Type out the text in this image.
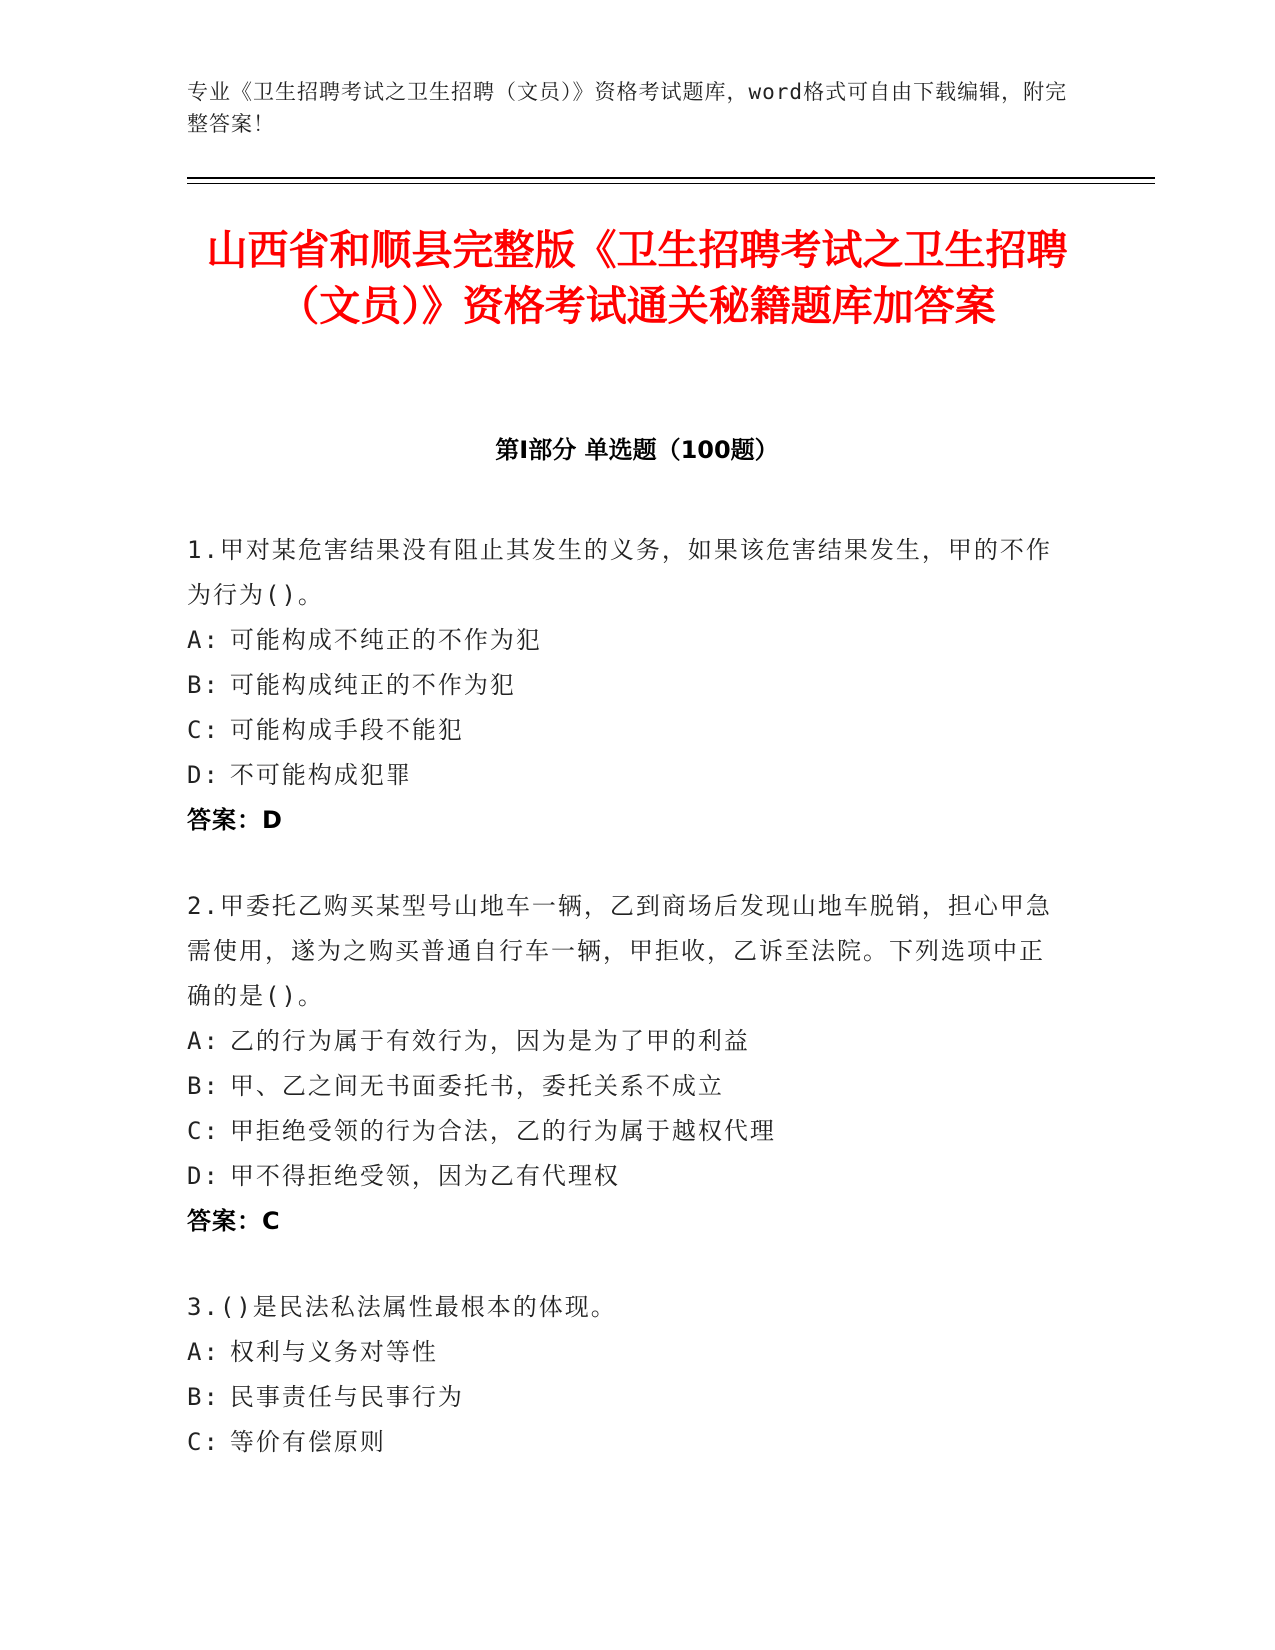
专业《卫生招聘考试之卫生招聘（文员）》资格考试题库，word格式可自由下载编辑，附完整答案！
山西省和顺县完整版《卫生招聘考试之卫生招聘（文员）》资格考试通关秘籍题库加答案
第Ⅰ部分 单选题（100题）
1.甲对某危害结果没有阻止其发生的义务，如果该危害结果发生，甲的不作为行为()。
A: 可能构成不纯正的不作为犯
B: 可能构成纯正的不作为犯
C: 可能构成手段不能犯
D: 不可能构成犯罪
答案：D
2.甲委托乙购买某型号山地车一辆，乙到商场后发现山地车脱销，担心甲急需使用，遂为之购买普通自行车一辆，甲拒收，乙诉至法院。下列选项中正确的是()。
A: 乙的行为属于有效行为，因为是为了甲的利益
B: 甲、乙之间无书面委托书，委托关系不成立
C: 甲拒绝受领的行为合法，乙的行为属于越权代理
D: 甲不得拒绝受领，因为乙有代理权
答案：C
3.()是民法私法属性最根本的体现。
A: 权利与义务对等性
B: 民事责任与民事行为
C: 等价有偿原则
